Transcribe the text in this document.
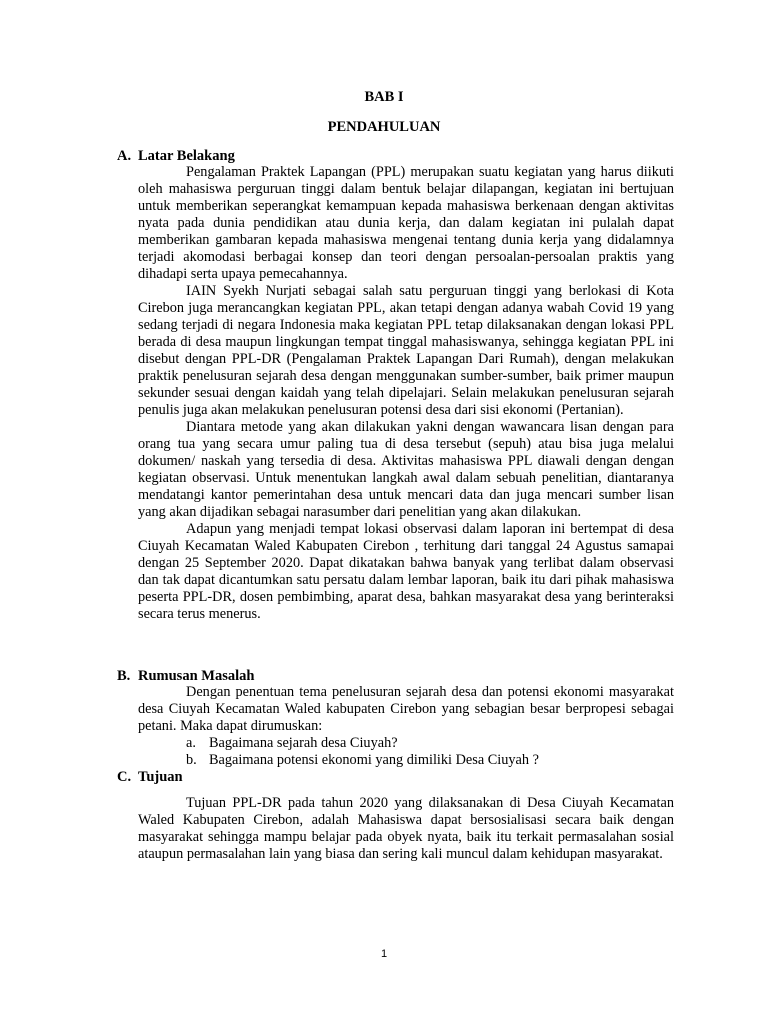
BAB I
PENDAHULUAN
A. Latar Belakang

Pengalaman Praktek Lapangan (PPL) merupakan suatu kegiatan yang harus diikuti oleh mahasiswa perguruan tinggi dalam bentuk belajar dilapangan, kegiatan ini bertujuan untuk memberikan seperangkat kemampuan kepada mahasiswa berkenaan dengan aktivitas nyata pada dunia pendidikan atau dunia kerja, dan dalam kegiatan ini pulalah dapat memberikan gambaran kepada mahasiswa mengenai tentang dunia kerja yang didalamnya terjadi akomodasi berbagai konsep dan teori dengan persoalan-persoalan praktis yang dihadapi serta upaya pemecahannya.

IAIN Syekh Nurjati sebagai salah satu perguruan tinggi yang berlokasi di Kota Cirebon juga merancangkan kegiatan PPL, akan tetapi dengan adanya wabah Covid 19 yang sedang terjadi di negara Indonesia maka kegiatan PPL tetap dilaksanakan dengan lokasi PPL berada di desa maupun lingkungan tempat tinggal mahasiswanya, sehingga kegiatan PPL ini disebut dengan PPL-DR (Pengalaman Praktek Lapangan Dari Rumah), dengan melakukan praktik penelusuran sejarah desa dengan menggunakan sumber-sumber, baik primer maupun sekunder sesuai dengan kaidah yang telah dipelajari. Selain melakukan penelusuran sejarah penulis juga akan melakukan penelusuran potensi desa dari sisi ekonomi (Pertanian).

Diantara metode yang akan dilakukan yakni dengan wawancara lisan dengan para orang tua yang secara umur paling tua di desa tersebut (sepuh) atau bisa juga melalui dokumen/ naskah yang tersedia di desa. Aktivitas mahasiswa PPL diawali dengan dengan kegiatan observasi. Untuk menentukan langkah awal dalam sebuah penelitian, diantaranya mendatangi kantor pemerintahan desa untuk mencari data dan juga mencari sumber lisan yang akan dijadikan sebagai narasumber dari penelitian yang akan dilakukan.

Adapun yang menjadi tempat lokasi observasi dalam laporan ini bertempat di desa Ciuyah Kecamatan Waled Kabupaten Cirebon , terhitung dari tanggal 24 Agustus samapai dengan 25 September 2020. Dapat dikatakan bahwa banyak yang terlibat dalam observasi dan tak dapat dicantumkan satu persatu dalam lembar laporan, baik itu dari pihak mahasiswa peserta PPL-DR, dosen pembimbing, aparat desa, bahkan masyarakat desa yang berinteraksi secara terus menerus.

B. Rumusan Masalah

Dengan penentuan tema penelusuran sejarah desa dan potensi ekonomi masyarakat desa Ciuyah Kecamatan Waled kabupaten Cirebon yang sebagian besar berpropesi sebagai petani. Maka dapat dirumuskan:

a. Bagaimana sejarah desa Ciuyah?
b. Bagaimana potensi ekonomi yang dimiliki Desa Ciuyah ?
C. Tujuan

Tujuan PPL-DR pada tahun 2020 yang dilaksanakan di Desa Ciuyah Kecamatan Waled Kabupaten Cirebon, adalah Mahasiswa dapat bersosialisasi secara baik dengan masyarakat sehingga mampu belajar pada obyek nyata, baik itu terkait permasalahan sosial ataupun permasalahan lain yang biasa dan sering kali muncul dalam kehidupan masyarakat.

1
